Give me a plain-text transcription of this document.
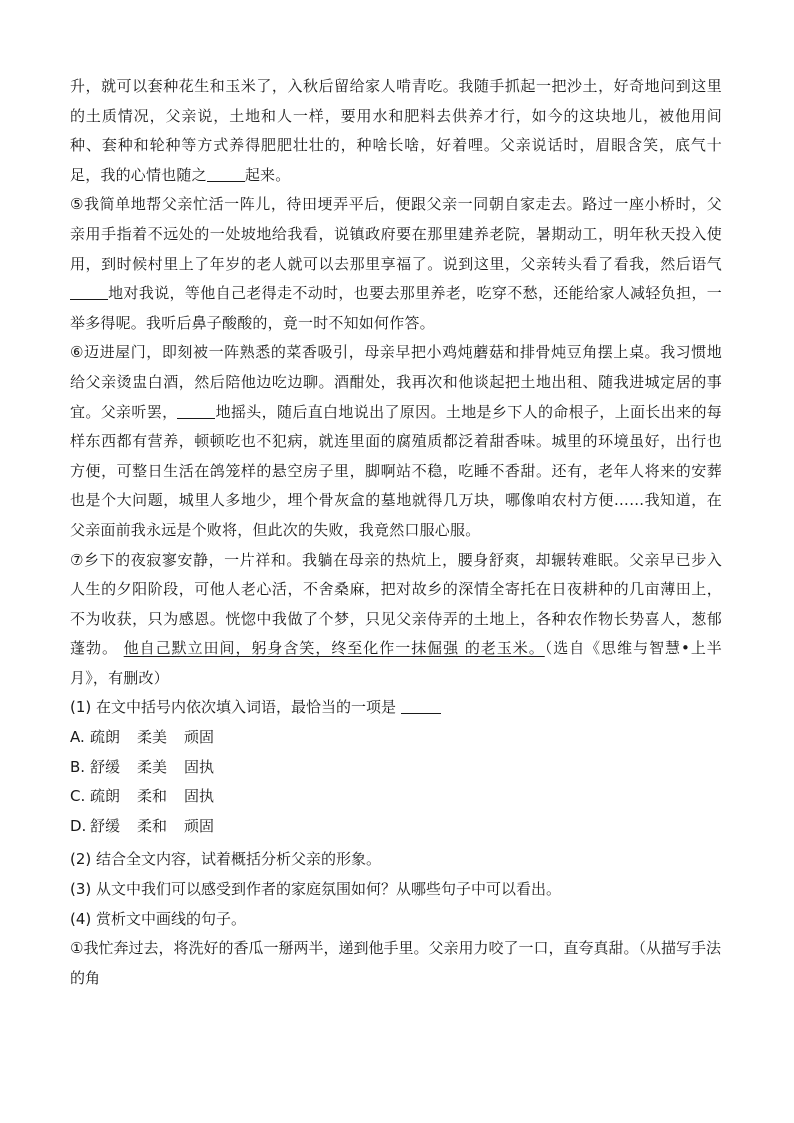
升，就可以套种花生和玉米了，入秋后留给家人啃青吃。我随手抓起一把沙土，好奇地问到这里的土质情况，父亲说，土地和人一样，要用水和肥料去供养才行，如今的这块地儿，被他用间种、套种和轮种等方式养得肥肥壮壮的，种啥长啥，好着哩。父亲说话时，眉眼含笑，底气十足，我的心情也随之	起来。

⑤我简单地帮父亲忙活一阵儿，待田埂弄平后，便跟父亲一同朝自家走去。路过一座小桥时，父亲用手指着不远处的一处坡地给我看，说镇政府要在那里建养老院，暑期动工，明年秋天投入使用，到时候村里上了年岁的老人就可以去那里享福了。说到这里，父亲转头看了看我，然后语气地对我说，等他自己老得走不动时，也要去那里养老，吃穿不愁，还能给家人减轻负担，一举多得呢。我听后鼻子酸酸的，竟一时不知如何作答。

⑥迈进屋门，即刻被一阵熟悉的菜香吸引，母亲早把小鸡炖蘑菇和排骨炖豆角摆上桌。我习惯地给父亲烫盅白酒，然后陪他边吃边聊。酒酣处，我再次和他谈起把土地出租、随我进城定居的事宜。父亲听罢，	地摇头，随后直白地说出了原因。土地是乡下人的命根子，上面长出来的每样东西都有营养，顿顿吃也不犯病，就连里面的腐殖质都泛着甜香味。城里的环境虽好，出行也方便，可整日生活在鸽笼样的悬空房子里，脚啊站不稳，吃睡不香甜。还有，老年人将来的安葬也是个大问题，城里人多地少，埋个骨灰盒的墓地就得几万块，哪像咱农村方便……我知道，在父亲面前我永远是个败将，但此次的失败，我竟然口服心服。

⑦乡下的夜寂寥安静，一片祥和。我躺在母亲的热炕上，腰身舒爽，却辗转难眠。父亲早已步入人生的夕阳阶段，可他人老心活，不舍桑麻，把对故乡的深情全寄托在日夜耕种的几亩薄田上，不为收获，只为感恩。恍惚中我做了个梦，只见父亲侍弄的土地上，各种农作物长势喜人，葱郁蓬勃。 他自己默立田间，躬身含笑，终至化作一抹倔强 的老玉米。（选自《思维与智慧•上半月》，有删改）

(1) 在文中括号内依次填入词语，最恰当的一项是

A. 疏朗	柔美	顽固
B. 舒缓	柔美	固执
C. 疏朗	柔和	固执
D. 舒缓	柔和	顽固

(2) 结合全文内容，试着概括分析父亲的形象。

(3) 从文中我们可以感受到作者的家庭氛围如何？从哪些句子中可以看出。

(4) 赏析文中画线的句子。

①我忙奔过去，将洗好的香瓜一掰两半，递到他手里。父亲用力咬了一口，直夸真甜。（从描写手法的角
